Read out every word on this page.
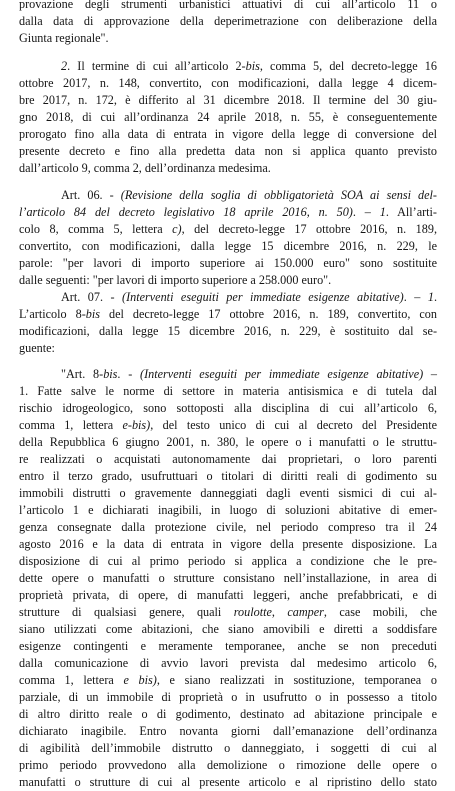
provazione degli strumenti urbanistici attuativi di cui all’articolo 11 o

dalla data di approvazione della deperimetrazione con deliberazione della

Giunta regionale".

2. Il termine di cui all’articolo 2-bis, comma 5, del decreto-legge 16

ottobre 2017, n. 148, convertito, con modificazioni, dalla legge 4 dicem-

bre 2017, n. 172, è differito al 31 dicembre 2018. Il termine del 30 giu-

gno 2018, di cui all’ordinanza 24 aprile 2018, n. 55, è conseguentemente

prorogato fino alla data di entrata in vigore della legge di conversione del

presente decreto e fino alla predetta data non si applica quanto previsto

dall’articolo 9, comma 2, dell’ordinanza medesima.

Art. 06. - (Revisione della soglia di obbligatorietà SOA ai sensi del-

l’articolo 84 del decreto legislativo 18 aprile 2016, n. 50). – 1. All’arti-

colo 8, comma 5, lettera c), del decreto-legge 17 ottobre 2016, n. 189,

convertito, con modificazioni, dalla legge 15 dicembre 2016, n. 229, le

parole: "per lavori di importo superiore ai 150.000 euro" sono sostituite

dalle seguenti: "per lavori di importo superiore a 258.000 euro".

Art. 07. - (Interventi eseguiti per immediate esigenze abitative). – 1.

L’articolo 8-bis del decreto-legge 17 ottobre 2016, n. 189, convertito, con

modificazioni, dalla legge 15 dicembre 2016, n. 229, è sostituito dal se-

guente:

"Art. 8-bis. - (Interventi eseguiti per immediate esigenze abitative) –

1. Fatte salve le norme di settore in materia antisismica e di tutela dal

rischio idrogeologico, sono sottoposti alla disciplina di cui all’articolo 6,

comma 1, lettera e-bis), del testo unico di cui al decreto del Presidente

della Repubblica 6 giugno 2001, n. 380, le opere o i manufatti o le struttu-

re realizzati o acquistati autonomamente dai proprietari, o loro parenti

entro il terzo grado, usufruttuari o titolari di diritti reali di godimento su

immobili distrutti o gravemente danneggiati dagli eventi sismici di cui al-

l’articolo 1 e dichiarati inagibili, in luogo di soluzioni abitative di emer-

genza consegnate dalla protezione civile, nel periodo compreso tra il 24

agosto 2016 e la data di entrata in vigore della presente disposizione. La

disposizione di cui al primo periodo si applica a condizione che le pre-

dette opere o manufatti o strutture consistano nell’installazione, in area di

proprietà privata, di opere, di manufatti leggeri, anche prefabbricati, e di

strutture di qualsiasi genere, quali roulotte, camper, case mobili, che

siano utilizzati come abitazioni, che siano amovibili e diretti a soddisfare

esigenze contingenti e meramente temporanee, anche se non preceduti

dalla comunicazione di avvio lavori prevista dal medesimo articolo 6,

comma 1, lettera e bis), e siano realizzati in sostituzione, temporanea o

parziale, di un immobile di proprietà o in usufrutto o in possesso a titolo

di altro diritto reale o di godimento, destinato ad abitazione principale e

dichiarato inagibile. Entro novanta giorni dall’emanazione dell’ordinanza

di agibilità dell’immobile distrutto o danneggiato, i soggetti di cui al

primo periodo provvedono alla demolizione o rimozione delle opere o

manufatti o strutture di cui al presente articolo e al ripristino dello stato
